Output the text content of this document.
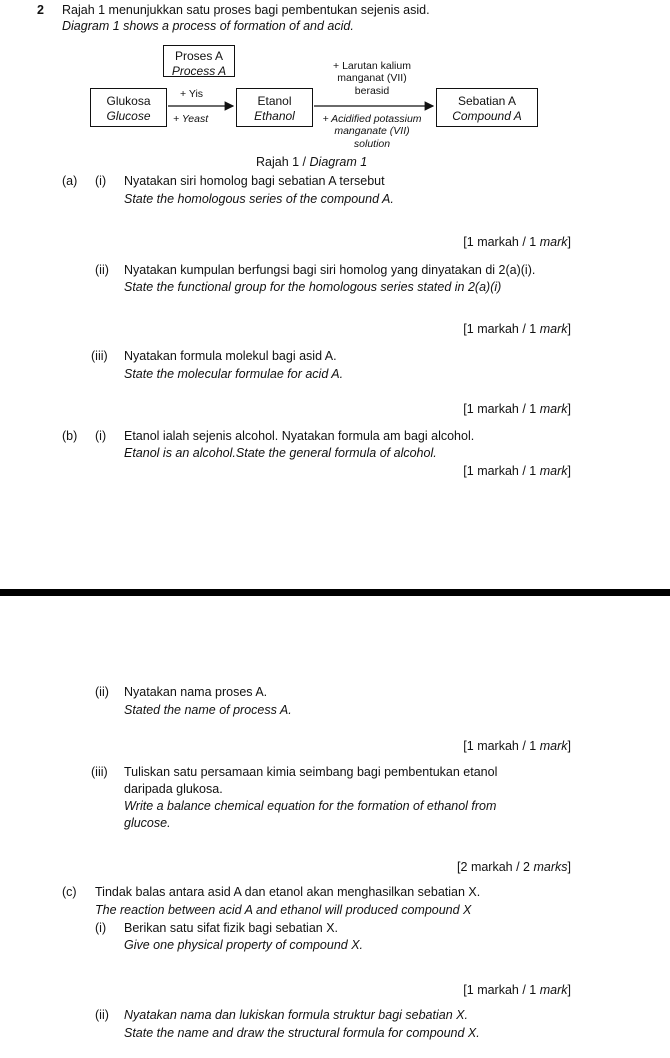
2 Rajah 1 menunjukkan satu proses bagi pembentukan sejenis asid.
Diagram 1 shows a process of formation of and acid.
Proses A
Process A
Glukosa
Glucose
Etanol
Ethanol
Sebatian A
Compound A
+ Yis
+ Yeast
+ Larutan kalium
manganat (VII)
berasid
+ Acidified potassium
manganate (VII)
solution
Rajah 1 / Diagram 1
(a) (i) Nyatakan siri homolog bagi sebatian A tersebut
State the homologous series of the compound A.
[1 markah / 1 mark]
(ii) Nyatakan kumpulan berfungsi bagi siri homolog yang dinyatakan di 2(a)(i).
State the functional group for the homologous series stated in 2(a)(i)
[1 markah / 1 mark]
(iii) Nyatakan formula molekul bagi asid A.
State the molecular formulae for acid A.
[1 markah / 1 mark]
(b) (i) Etanol ialah sejenis alcohol. Nyatakan formula am bagi alcohol.
Etanol is an alcohol.State the general formula of alcohol.
[1 markah / 1 mark]
(ii) Nyatakan nama proses A.
Stated the name of process A.
[1 markah / 1 mark]
(iii) Tuliskan satu persamaan kimia seimbang bagi pembentukan etanol
daripada glukosa.
Write a balance chemical equation for the formation of ethanol from
glucose.
[2 markah / 2 marks]
(c) Tindak balas antara asid A dan etanol akan menghasilkan sebatian X.
The reaction between acid A and ethanol will produced compound X
(i) Berikan satu sifat fizik bagi sebatian X.
Give one physical property of compound X.
[1 markah / 1 mark]
(ii) Nyatakan nama dan lukiskan formula struktur bagi sebatian X.
State the name and draw the structural formula for compound X.
